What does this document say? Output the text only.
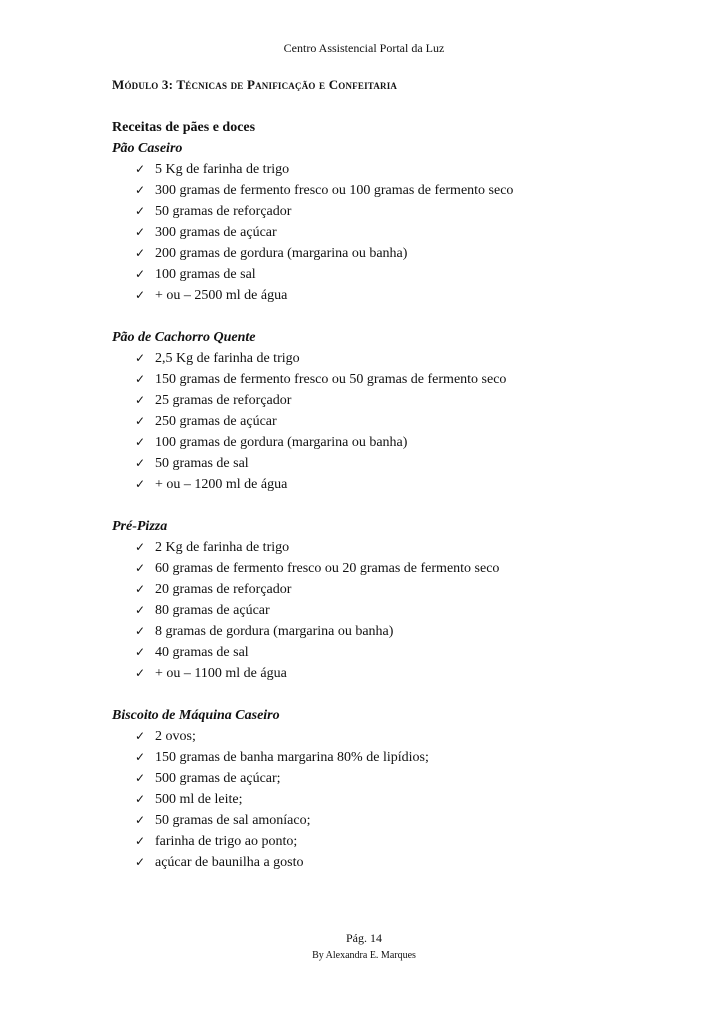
Centro Assistencial Portal da Luz
Módulo 3: Técnicas de Panificação e Confeitaria
Receitas de pães e doces
Pão Caseiro
✓ 5 Kg de farinha de trigo
✓ 300 gramas de fermento fresco ou 100 gramas de fermento seco
✓ 50 gramas de reforçador
✓ 300 gramas de açúcar
✓ 200 gramas de gordura (margarina ou banha)
✓ 100 gramas de sal
✓ + ou – 2500 ml de água
Pão de Cachorro Quente
✓ 2,5 Kg de farinha de trigo
✓ 150 gramas de fermento fresco ou 50 gramas de fermento seco
✓ 25 gramas de reforçador
✓ 250 gramas de açúcar
✓ 100 gramas de gordura (margarina ou banha)
✓ 50 gramas de sal
✓ + ou – 1200 ml de água
Pré-Pizza
✓ 2 Kg de farinha de trigo
✓ 60 gramas de fermento fresco ou 20 gramas de fermento seco
✓ 20 gramas de reforçador
✓ 80 gramas de açúcar
✓ 8 gramas de gordura (margarina ou banha)
✓ 40 gramas de sal
✓ + ou – 1100 ml de água
Biscoito de Máquina Caseiro
✓ 2 ovos;
✓ 150 gramas de banha margarina 80% de lipídios;
✓ 500 gramas de açúcar;
✓ 500 ml de leite;
✓ 50 gramas de sal amoníaco;
✓ farinha de trigo ao ponto;
✓ açúcar de baunilha a gosto
Pág. 14
By Alexandra E. Marques
